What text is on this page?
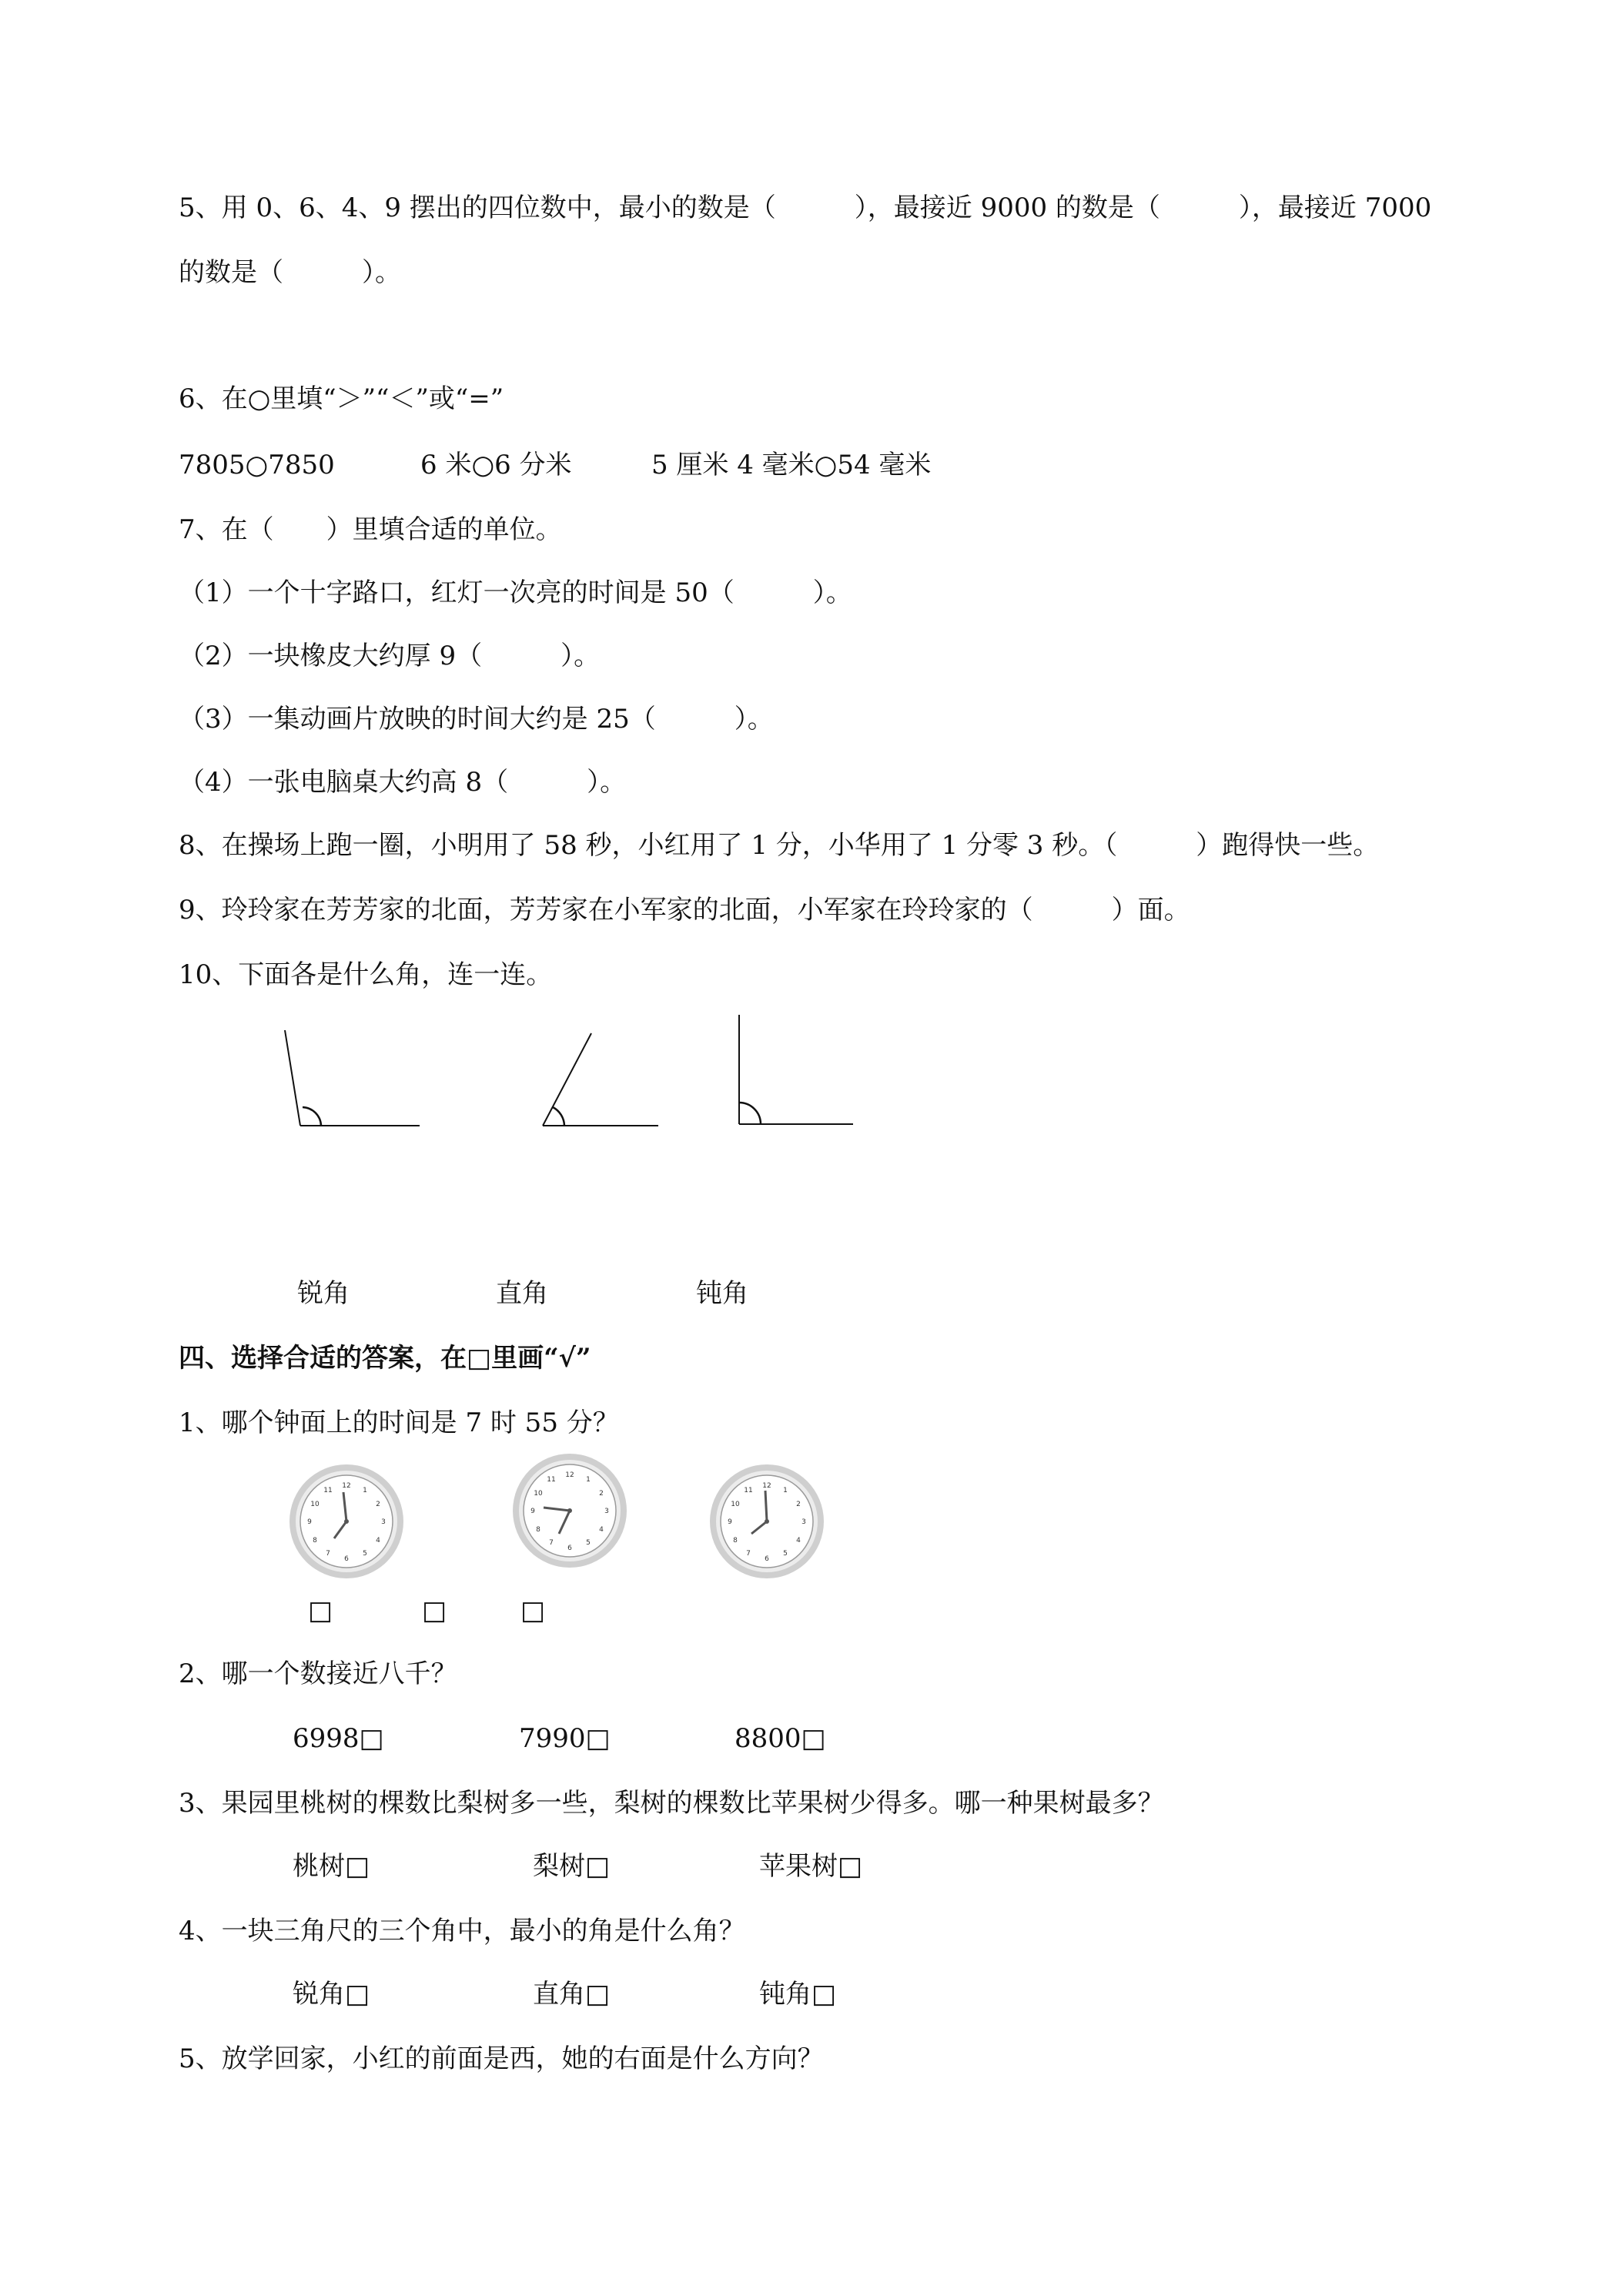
5、用 0、6、4、9 摆出的四位数中，最小的数是（　　　），最接近 9000 的数是（　　　），最接近 7000
的数是（　　　）。
6、在○里填“＞”“＜”或“=”
7805○7850	6 米○6 分米	5 厘米 4 毫米○54 毫米
7、在（　　）里填合适的单位。
（1）一个十字路口，红灯一次亮的时间是 50（　　　）。
（2）一块橡皮大约厚 9（　　　）。
（3）一集动画片放映的时间大约是 25（　　　）。
（4）一张电脑桌大约高 8（　　　）。
8、在操场上跑一圈，小明用了 58 秒，小红用了 1 分，小华用了 1 分零 3 秒。（　　　）跑得快一些。
9、玲玲家在芳芳家的北面，芳芳家在小军家的北面，小军家在玲玲家的（　　　）面。
10、下面各是什么角，连一连。
锐角	直角	钝角
四、选择合适的答案，在□里画“√”
1、哪个钟面上的时间是 7 时 55 分？
12
1
2
3
4
5
6
7
8
9
10
11
12
1
2
3
4
5
6
7
8
9
10
11
12
1
2
3
4
5
6
7
8
9
10
11
□	□	□
2、哪一个数接近八千？
6998□	7990□	8800□
3、果园里桃树的棵数比梨树多一些，梨树的棵数比苹果树少得多。哪一种果树最多？
桃树□	梨树□	苹果树□
4、一块三角尺的三个角中，最小的角是什么角？
锐角□	直角□	钝角□
5、放学回家，小红的前面是西，她的右面是什么方向？
